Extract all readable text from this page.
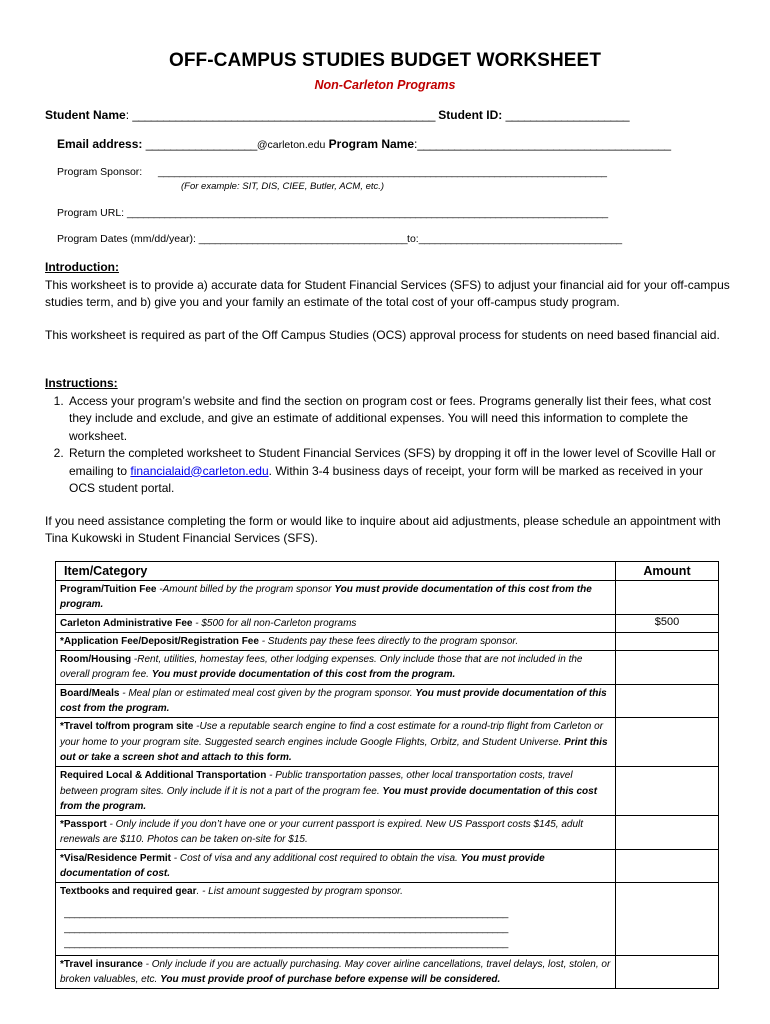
OFF-CAMPUS STUDIES BUDGET WORKSHEET
Non-Carleton Programs
Student Name: _________________________________________________ Student ID: ____________________
Email address: __________________@carleton.edu Program Name:_________________________________________
Program Sponsor: ____________________________________________________________________________________
(For example: SIT, DIS, CIEE, Butler, ACM, etc.)
Program URL: __________________________________________________________________________________________
Program Dates (mm/dd/year): _______________________________________to:______________________________________

Introduction:

This worksheet is to provide a) accurate data for Student Financial Services (SFS) to adjust your financial aid for your off-campus studies term, and b) give you and your family an estimate of the total cost of your off-campus study program.

This worksheet is required as part of the Off Campus Studies (OCS) approval process for students on need based financial aid.

Instructions:

1. Access your program’s website and find the section on program cost or fees. Programs generally list their fees, what cost they include and exclude, and give an estimate of additional expenses. You will need this information to complete the worksheet.
2. Return the completed worksheet to Student Financial Services (SFS) by dropping it off in the lower level of Scoville Hall or emailing to financialaid@carleton.edu. Within 3-4 business days of receipt, your form will be marked as received in your OCS student portal.

If you need assistance completing the form or would like to inquire about aid adjustments, please schedule an appointment with Tina Kukowski in Student Financial Services (SFS).

Item/Category	Amount
Program/Tuition Fee -Amount billed by the program sponsor You must provide documentation of this cost from the program.	
Carleton Administrative Fee - $500 for all non-Carleton programs	$500
*Application Fee/Deposit/Registration Fee - Students pay these fees directly to the program sponsor.	
Room/Housing -Rent, utilities, homestay fees, other lodging expenses. Only include those that are not included in the overall program fee. You must provide documentation of this cost from the program.	
Board/Meals - Meal plan or estimated meal cost given by the program sponsor. You must provide documentation of this cost from the program.	
*Travel to/from program site -Use a reputable search engine to find a cost estimate for a round-trip flight from Carleton or your home to your program site. Suggested search engines include Google Flights, Orbitz, and Student Universe. Print this out or take a screen shot and attach to this form.	
Required Local & Additional Transportation - Public transportation passes, other local transportation costs, travel between program sites. Only include if it is not a part of the program fee. You must provide documentation of this cost from the program.	
*Passport - Only include if you don’t have one or your current passport is expired. New US Passport costs $145, adult renewals are $110. Photos can be taken on-site for $15.	
*Visa/Residence Permit - Cost of visa and any additional cost required to obtain the visa. You must provide documentation of cost.	
Textbooks and required gear. - List amount suggested by program sponsor.
______________________________________________________________________________________
______________________________________________________________________________________
______________________________________________________________________________________	

*Travel insurance - Only include if you are actually purchasing. May cover airline cancellations, travel delays, lost, stolen, or broken valuables, etc. You must provide proof of purchase before expense will be considered.	
